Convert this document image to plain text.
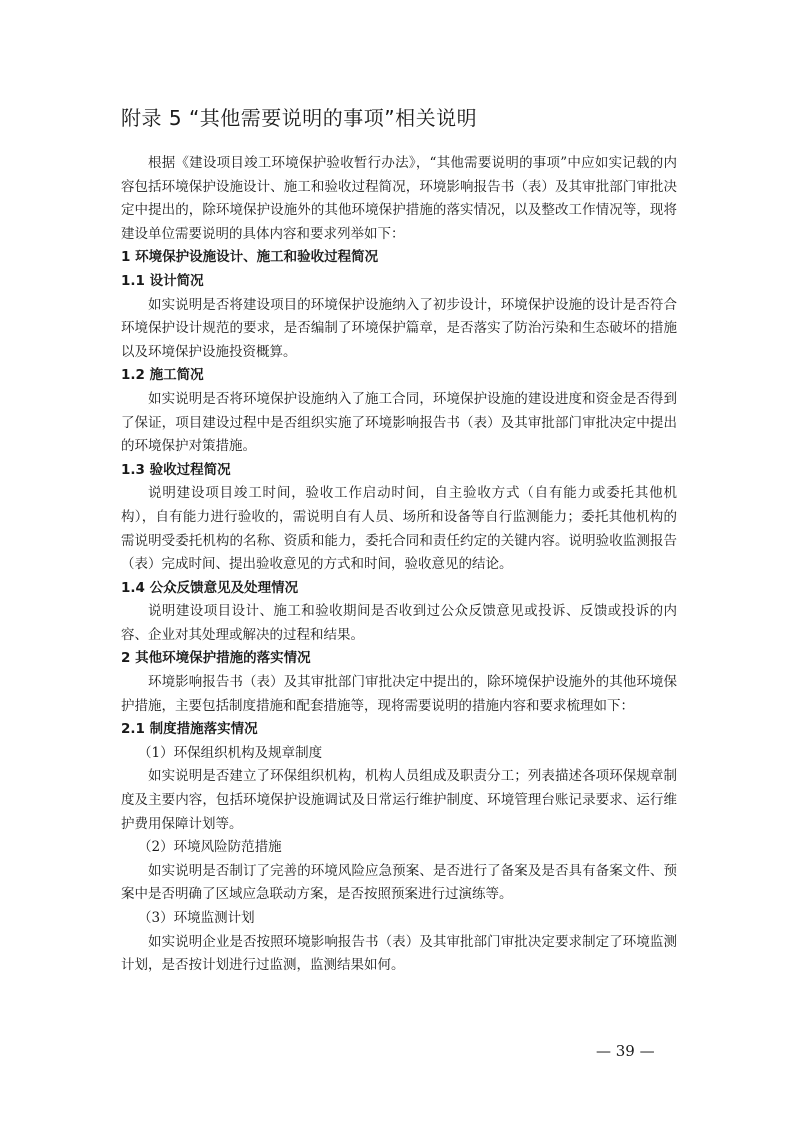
附录 5 “其他需要说明的事项”相关说明

根据《建设项目竣工环境保护验收暂行办法》，“其他需要说明的事项”中应如实记载的内容包括环境保护设施设计、施工和验收过程简况，环境影响报告书（表）及其审批部门审批决定中提出的，除环境保护设施外的其他环境保护措施的落实情况，以及整改工作情况等，现将建设单位需要说明的具体内容和要求列举如下：

1 环境保护设施设计、施工和验收过程简况
1.1 设计简况

如实说明是否将建设项目的环境保护设施纳入了初步设计，环境保护设施的设计是否符合环境保护设计规范的要求，是否编制了环境保护篇章，是否落实了防治污染和生态破坏的措施以及环境保护设施投资概算。

1.2 施工简况

如实说明是否将环境保护设施纳入了施工合同，环境保护设施的建设进度和资金是否得到了保证，项目建设过程中是否组织实施了环境影响报告书（表）及其审批部门审批决定中提出的环境保护对策措施。

1.3 验收过程简况

说明建设项目竣工时间，验收工作启动时间，自主验收方式（自有能力或委托其他机构），自有能力进行验收的，需说明自有人员、场所和设备等自行监测能力；委托其他机构的需说明受委托机构的名称、资质和能力，委托合同和责任约定的关键内容。说明验收监测报告（表）完成时间、提出验收意见的方式和时间，验收意见的结论。

1.4 公众反馈意见及处理情况

说明建设项目设计、施工和验收期间是否收到过公众反馈意见或投诉、反馈或投诉的内容、企业对其处理或解决的过程和结果。

2 其他环境保护措施的落实情况

环境影响报告书（表）及其审批部门审批决定中提出的，除环境保护设施外的其他环境保护措施，主要包括制度措施和配套措施等，现将需要说明的措施内容和要求梳理如下：

2.1 制度措施落实情况
（1）环保组织机构及规章制度

如实说明是否建立了环保组织机构，机构人员组成及职责分工；列表描述各项环保规章制度及主要内容，包括环境保护设施调试及日常运行维护制度、环境管理台账记录要求、运行维护费用保障计划等。

（2）环境风险防范措施

如实说明是否制订了完善的环境风险应急预案、是否进行了备案及是否具有备案文件、预案中是否明确了区域应急联动方案，是否按照预案进行过演练等。

（3）环境监测计划

如实说明企业是否按照环境影响报告书（表）及其审批部门审批决定要求制定了环境监测计划，是否按计划进行过监测，监测结果如何。

— 39 —
